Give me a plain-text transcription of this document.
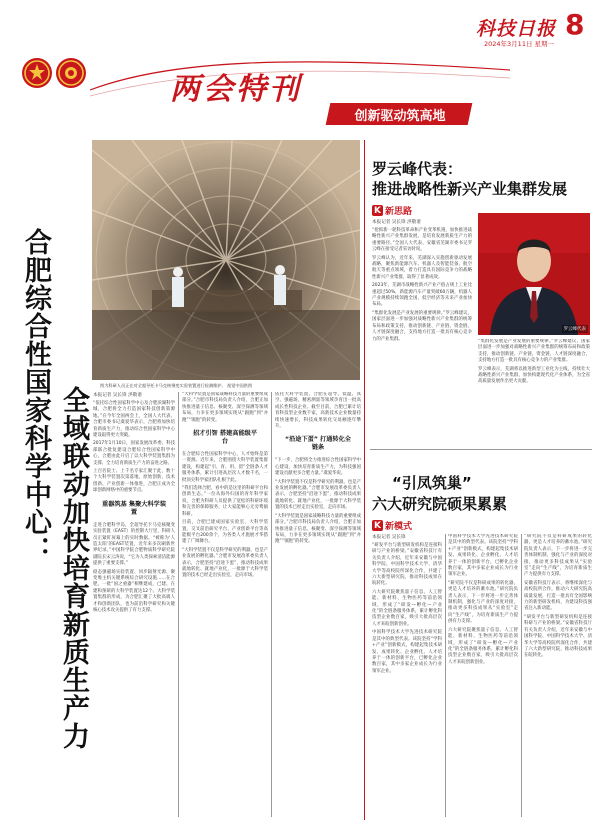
两会特刊
创新驱动筑高地
科技日报 8
2024年3月11日 星期一
图为科研人员正在对全超导托卡马克核聚变实验装置进行检测维护。 视觉中国供图
合肥综合性国家科学中心： 全域联动加快培育新质生产力 本报记者 吴长锋 洪敬谱

“依托综合性国家科学中心及合肥滨湖科学城，合肥将全力打造国家科技创新策源地。”在今年全国两会上，全国人大代表、合肥市委书记虞爱华表示，合肥将加快培育新质生产力，推动综合性国家科学中心建设取得更大突破。

2017年1月10日，国家发展改革委、科技部联合批复建设合肥综合性国家科学中心，合肥由此开启了以大科学装置集群为支撑、全力培育新质生产力的奋进之路。

上百名院士、上千名专家汇聚于此，数十个大科学装置次第落地，原始创新、技术创新、产业创新一体推进，合肥正成为全球创新网络中的重要节点。

重器筑基 集聚大科学装置

走进合肥科学岛，全超导托卡马克核聚变实验装置（EAST）的控制大厅里，科研人员正紧盯屏幕上的实时数据。“被称为‘人造太阳’的EAST装置，近年来多次刷新世界纪录。”中国科学院合肥物质科学研究院副院长宋云涛说，“它为人类探索清洁能源提供了重要支撑。”

稳态强磁场实验装置、同步辐射光源、聚变堆主机关键系统综合研究设施……在合肥，一批“国之重器”相继建成，已建、在建和预研的大科学装置达12个。大科学装置集群的形成，为合肥汇聚了大批高端人才和创新团队，也为前沿科学研究和关键核心技术攻关提供了有力支撑。

“大科学装置是国家战略科技力量的重要组成部分。”合肥市科技局负责人介绍，合肥正加快推进量子信息、核聚变、深空探测等领域布局，力争在更多领域实现从“跟跑”到“并跑”“领跑”的转变。

招才引智 搭建高能级平台

在合肥综合性国家科学中心，人才始终是第一资源。近年来，合肥围绕大科学装置集群建设，构建起“引、育、用、留”全链条人才服务体系，累计引进高层次人才数千名，一批顶尖科学家团队扎根于此。

“我们选择合肥，看中的是这里的科研平台和创新生态。”一位从海外归国的青年科学家说，合肥为科研人员提供了宽松的科研环境和完善的保障服务，让大家能够心无旁骛搞科研。

目前，合肥已建成国家实验室、大科学装置、交叉前沿研究平台、产业创新平台等高能级平台200余个，为各类人才施展才华搭建了广阔舞台。

“大科学装置不仅是科学研究的利器，也是产业发展的孵化器。”合肥市发展改革委负责人表示，合肥坚持“沿途下蛋”，推动科技成果就地转化、就地产业化，一批源于大科学装置的技术已经走出实验室，走向市场。

依托大科学装置，合肥在超导、低温、真空、强磁场、精密测量等领域孕育出一批高成长性科技企业。截至目前，合肥已累计培育科技型企业数千家，高新技术企业数量持续快速增长，科技成果转化交易额逐年攀升。

“沿途下蛋” 打通转化全链条

“下一步，合肥将全力推进综合性国家科学中心建设，加快培育新质生产力，为科技强国建设贡献更多合肥力量。”虞爱华说。

“大科学装置不仅是科学研究的利器，也是产业发展的孵化器。”合肥市发展改革委负责人表示，合肥坚持“沿途下蛋”，推动科技成果就地转化、就地产业化，一批源于大科学装置的技术已经走出实验室，走向市场。

“大科学装置是国家战略科技力量的重要组成部分。”合肥市科技局负责人介绍，合肥正加快推进量子信息、核聚变、深空探测等领域布局，力争在更多领域实现从“跟跑”到“并跑”“领跑”的转变。

罗云峰代表：
推进战略性新兴产业集群发展
K 新思路
本报记者 吴长锋 洪敬谱

“抢抓新一轮科技革命和产业变革机遇，加快推进战略性新兴产业集群发展，是培育发展新质生产力的重要路径。”全国人大代表、安徽省芜湖市委书记罗云峰在接受记者采访时说。

罗云峰认为，近年来，芜湖深入实施创新驱动发展战略，聚焦新能源汽车、机器人及智能装备、航空航天等重点领域，着力打造具有国际竞争力的战略性新兴产业集群，取得了显著成效。

2023年，芜湖市战略性新兴产业产值占规上工业比重超过50%，新能源汽车产量突破60万辆，机器人产业规模持续领跑全国，低空经济等未来产业加快布局。

“集群化发展是产业发展的重要规律。”罗云峰建议，国家层面进一步加强对战略性新兴产业集群的统筹布局和政策支持，推动创新链、产业链、资金链、人才链深度融合，支持地方打造一批具有核心竞争力的产业集群。

罗云峰代表

“集群化发展是产业发展的重要规律。”罗云峰建议，国家层面进一步加强对战略性新兴产业集群的统筹布局和政策支持，推动创新链、产业链、资金链、人才链深度融合，支持地方打造一批具有核心竞争力的产业集群。

罗云峰表示，芜湖将以推进新型工业化为主线，持续壮大战略性新兴产业集群，加快构建现代化产业体系，为全省高质量发展作出更大贡献。

“引凤筑巢”
六大研究院硕果累累
K 新模式
本报记者 吴长锋

“研发平台与新型研发机构是连接科研与产业的桥梁。”安徽省科技厅有关负责人介绍，近年来安徽与中国科学院、中国科学技术大学、清华大学等高校院所深化合作，共建了六大新型研究院，推动科技成果在皖转化。

六大研究院聚焦量子信息、人工智能、新材料、生物医药等前沿领域，形成了“研发—孵化—产业化”的全链条服务体系，累计孵化科技型企业数百家，吸引大批高层次人才来皖创新创业。

中国科学技术大学先进技术研究院是其中的典型代表。该院坚持“学科+产业”创新模式，构建起集技术研发、成果转化、企业孵化、人才培养于一体的创新平台，已孵化企业数百家，其中多家企业成长为行业领军企业。

中国科学技术大学先进技术研究院是其中的典型代表。该院坚持“学科+产业”创新模式，构建起集技术研发、成果转化、企业孵化、人才培养于一体的创新平台，已孵化企业数百家，其中多家企业成长为行业领军企业。

“研究院不仅是科研成果的转化器，更是人才培养的蓄水池。”研究院负责人表示，下一步将进一步完善体制机制，强化与产业的深度对接，推动更多科技成果从“实验室”走向“生产线”，为培育新质生产力提供有力支撑。

六大研究院聚焦量子信息、人工智能、新材料、生物医药等前沿领域，形成了“研发—孵化—产业化”的全链条服务体系，累计孵化科技型企业数百家，吸引大批高层次人才来皖创新创业。

“研究院不仅是科研成果的转化器，更是人才培养的蓄水池。”研究院负责人表示，下一步将进一步完善体制机制，强化与产业的深度对接，推动更多科技成果从“实验室”走向“生产线”，为培育新质生产力提供有力支撑。

安徽省科技厅表示，将继续深化与高校院所合作，推动六大研究院高质量发展，打造一批具有全国影响力的新型研发机构，为建设科技强省注入新动能。

“研发平台与新型研发机构是连接科研与产业的桥梁。”安徽省科技厅有关负责人介绍，近年来安徽与中国科学院、中国科学技术大学、清华大学等高校院所深化合作，共建了六大新型研究院，推动科技成果在皖转化。
